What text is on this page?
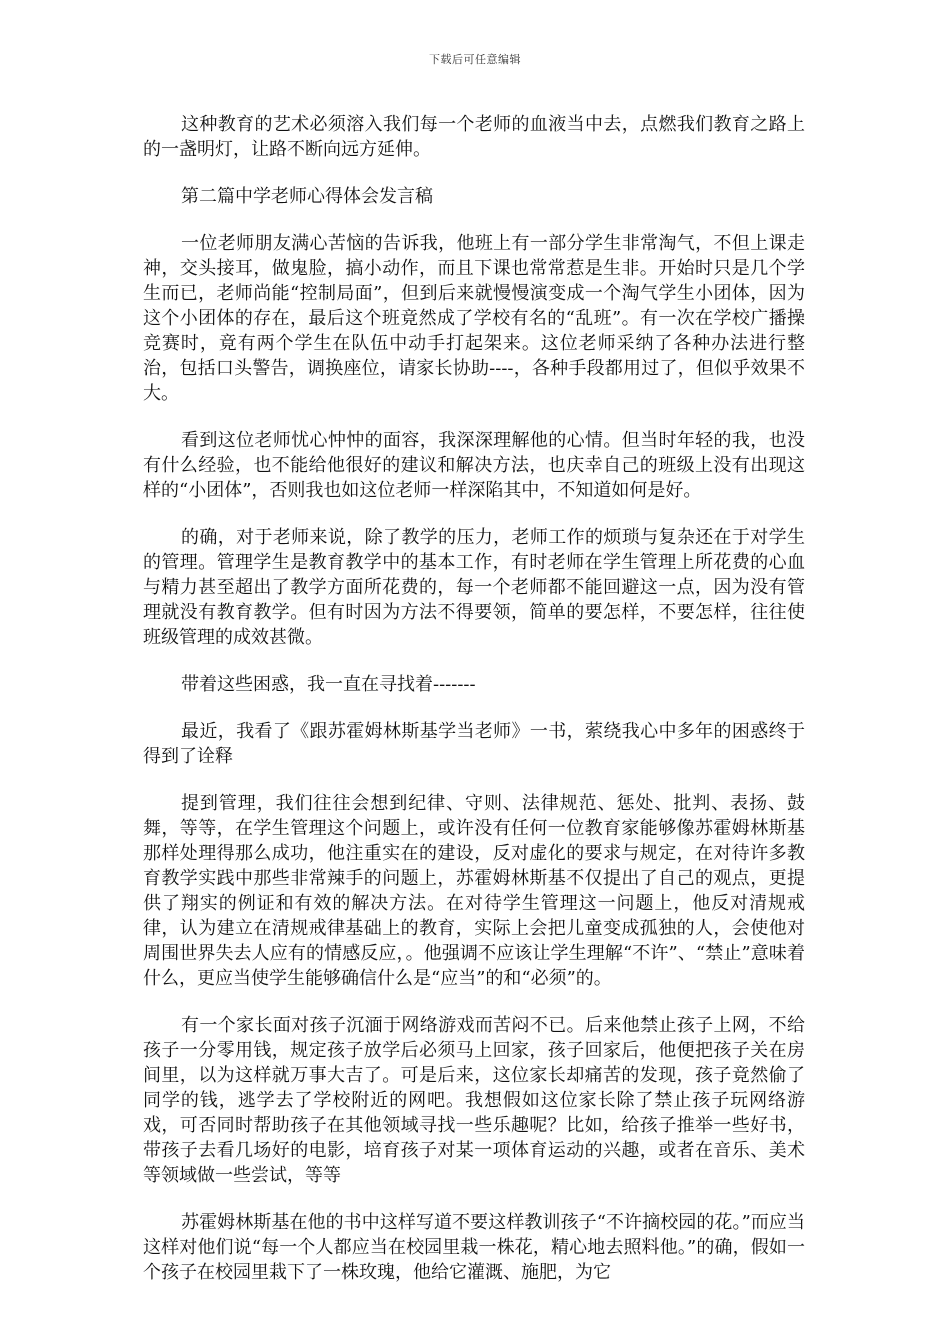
下载后可任意编辑

这种教育的艺术必须溶入我们每一个老师的血液当中去，点燃我们教育之路上的一盏明灯，让路不断向远方延伸。

第二篇中学老师心得体会发言稿

一位老师朋友满心苦恼的告诉我，他班上有一部分学生非常淘气，不但上课走神，交头接耳，做鬼脸，搞小动作，而且下课也常常惹是生非。开始时只是几个学生而已，老师尚能“控制局面”，但到后来就慢慢演变成一个淘气学生小团体，因为这个小团体的存在，最后这个班竟然成了学校有名的“乱班”。有一次在学校广播操竞赛时，竟有两个学生在队伍中动手打起架来。这位老师采纳了各种办法进行整治，包括口头警告，调换座位，请家长协助----，各种手段都用过了，但似乎效果不大。

看到这位老师忧心忡忡的面容，我深深理解他的心情。但当时年轻的我，也没有什么经验，也不能给他很好的建议和解决方法，也庆幸自己的班级上没有出现这样的“小团体”，否则我也如这位老师一样深陷其中，不知道如何是好。

的确，对于老师来说，除了教学的压力，老师工作的烦琐与复杂还在于对学生的管理。管理学生是教育教学中的基本工作，有时老师在学生管理上所花费的心血与精力甚至超出了教学方面所花费的，每一个老师都不能回避这一点，因为没有管理就没有教育教学。但有时因为方法不得要领，简单的要怎样，不要怎样，往往使班级管理的成效甚微。

带着这些困惑，我一直在寻找着-------

最近，我看了《跟苏霍姆林斯基学当老师》一书，萦绕我心中多年的困惑终于得到了诠释

提到管理，我们往往会想到纪律、守则、法律规范、惩处、批判、表扬、鼓舞，等等，在学生管理这个问题上，或许没有任何一位教育家能够像苏霍姆林斯基那样处理得那么成功，他注重实在的建设，反对虚化的要求与规定，在对待许多教育教学实践中那些非常辣手的问题上，苏霍姆林斯基不仅提出了自己的观点，更提供了翔实的例证和有效的解决方法。在对待学生管理这一问题上，他反对清规戒律，认为建立在清规戒律基础上的教育，实际上会把儿童变成孤独的人，会使他对周围世界失去人应有的情感反应，。他强调不应该让学生理解“不许”、“禁止”意味着什么，更应当使学生能够确信什么是“应当”的和“必须”的。

有一个家长面对孩子沉湎于网络游戏而苦闷不已。后来他禁止孩子上网，不给孩子一分零用钱，规定孩子放学后必须马上回家，孩子回家后，他便把孩子关在房间里，以为这样就万事大吉了。可是后来，这位家长却痛苦的发现，孩子竟然偷了同学的钱，逃学去了学校附近的网吧。我想假如这位家长除了禁止孩子玩网络游戏，可否同时帮助孩子在其他领域寻找一些乐趣呢？比如，给孩子推举一些好书，带孩子去看几场好的电影，培育孩子对某一项体育运动的兴趣，或者在音乐、美术等领域做一些尝试，等等

苏霍姆林斯基在他的书中这样写道不要这样教训孩子“不许摘校园的花。”而应当这样对他们说“每一个人都应当在校园里栽一株花，精心地去照料他。”的确，假如一个孩子在校园里栽下了一株玫瑰，他给它灌溉、施肥，为它
